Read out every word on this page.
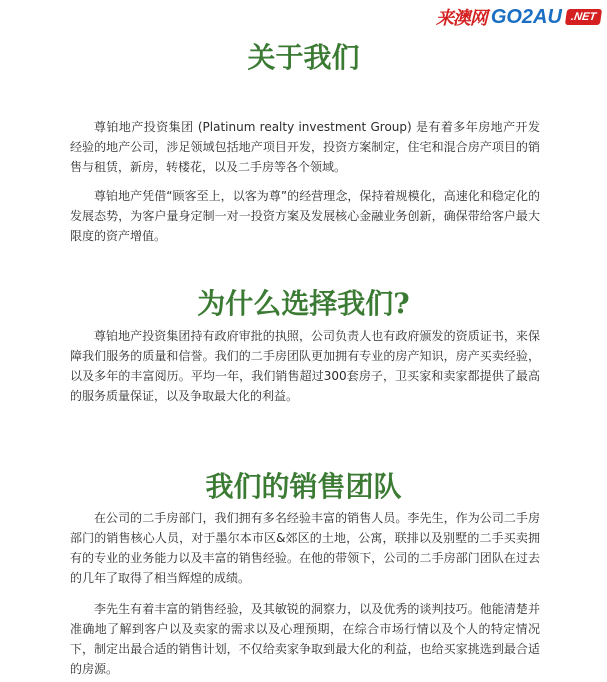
来澳网 GO2AU .NET
关于我们

尊铂地产投资集团 (Platinum realty investment Group) 是有着多年房地产开发经验的地产公司，涉足领域包括地产项目开发，投资方案制定，住宅和混合房产项目的销售与租赁，新房，转楼花，以及二手房等各个领域。

尊铂地产凭借“顾客至上，以客为尊”的经营理念，保持着规模化，高速化和稳定化的发展态势，为客户量身定制一对一投资方案及发展核心金融业务创新，确保带给客户最大限度的资产增值。

为什么选择我们?

尊铂地产投资集团持有政府审批的执照，公司负责人也有政府颁发的资质证书，来保障我们服务的质量和信誉。我们的二手房团队更加拥有专业的房产知识，房产买卖经验，以及多年的丰富阅历。平均一年，我们销售超过300套房子，卫买家和卖家都提供了最高的服务质量保证，以及争取最大化的利益。

我们的销售团队

在公司的二手房部门，我们拥有多名经验丰富的销售人员。李先生，作为公司二手房部门的销售核心人员，对于墨尔本市区&郊区的土地，公寓，联排以及别墅的二手买卖拥有的专业的业务能力以及丰富的销售经验。在他的带领下，公司的二手房部门团队在过去的几年了取得了相当辉煌的成绩。

李先生有着丰富的销售经验，及其敏锐的洞察力，以及优秀的谈判技巧。他能清楚并准确地了解到客户以及卖家的需求以及心理预期，在综合市场行情以及个人的特定情况下，制定出最合适的销售计划，不仅给卖家争取到最大化的利益，也给买家挑选到最合适的房源。
